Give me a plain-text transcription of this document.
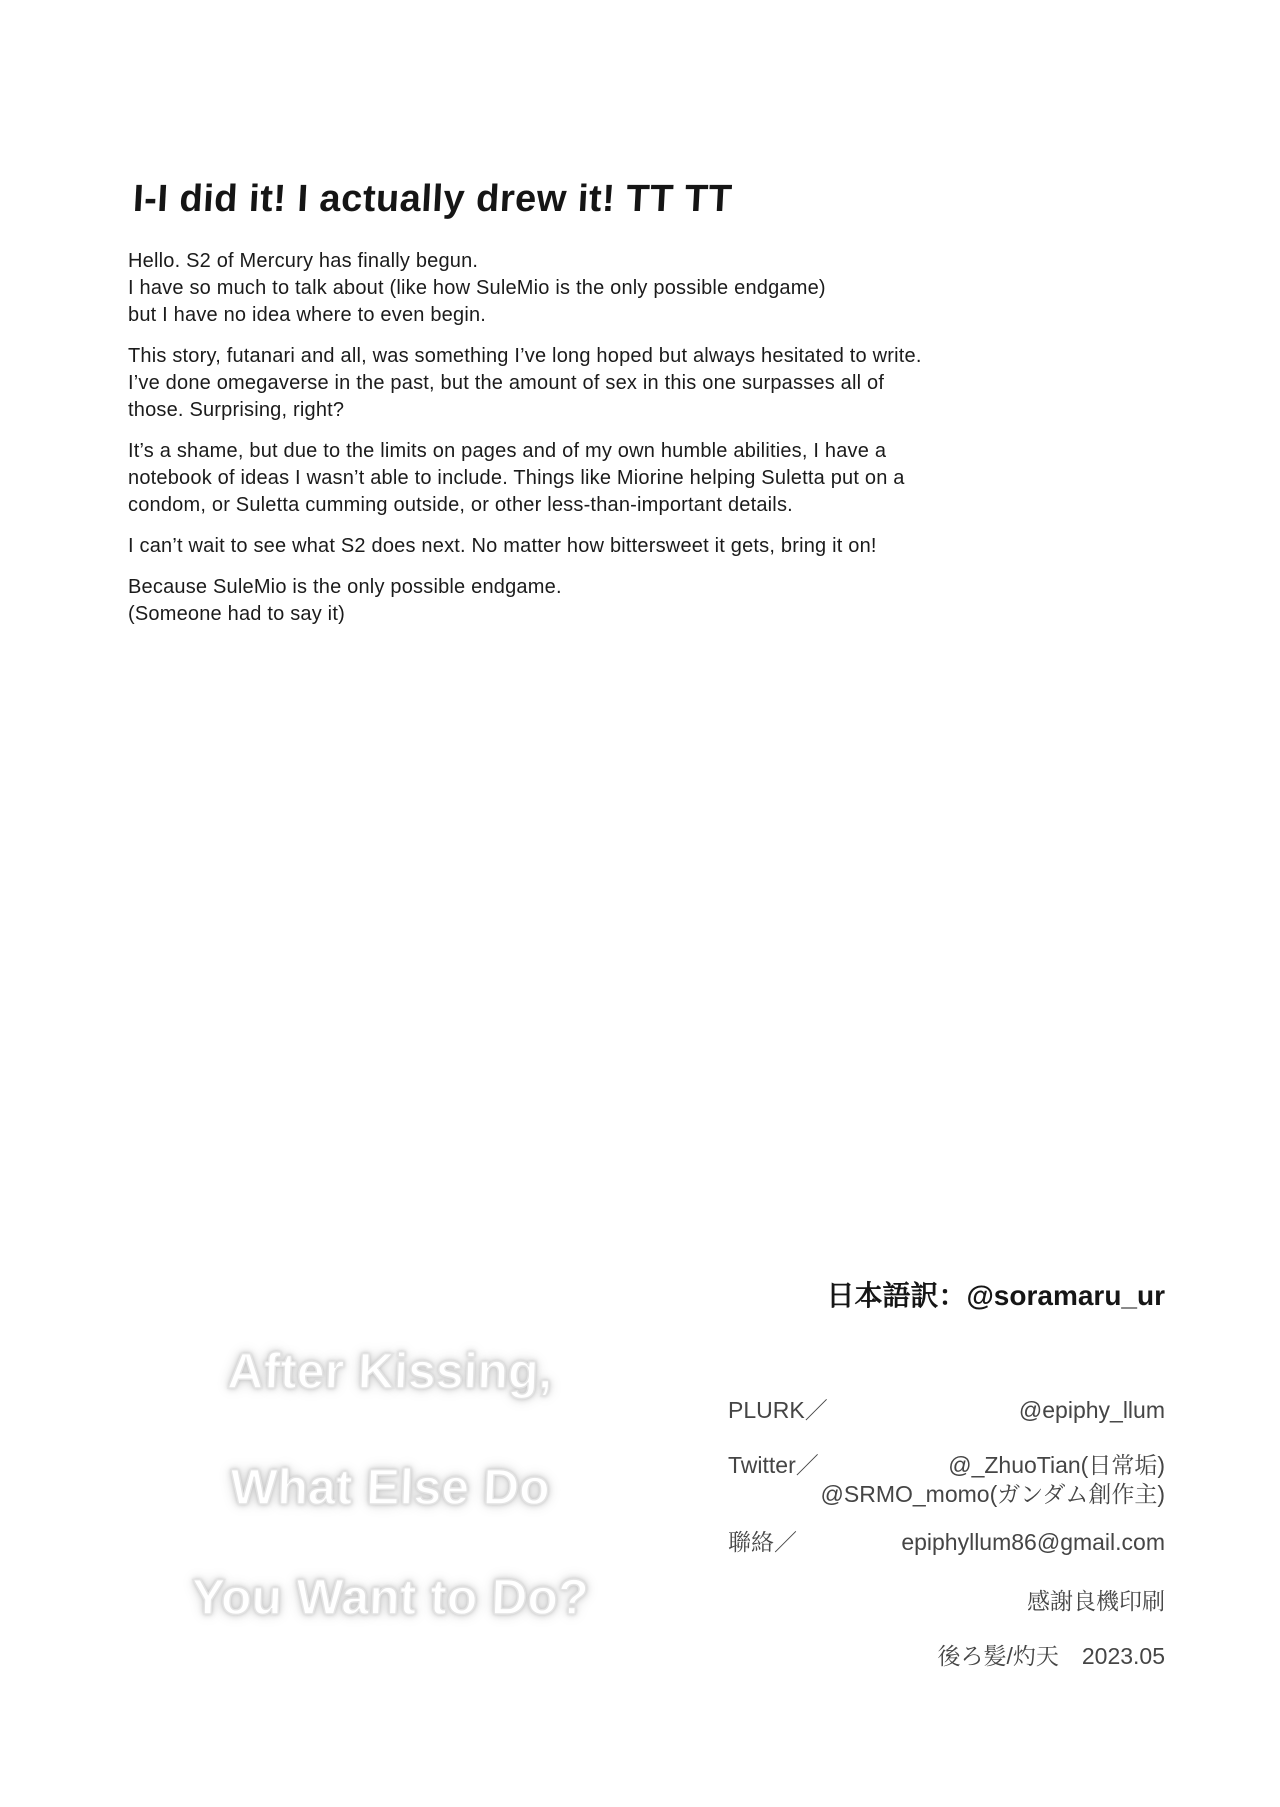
I-I did it! I actually drew it! TT TT

Hello. S2 of Mercury has finally begun.
I have so much to talk about (like how SuleMio is the only possible endgame)
but I have no idea where to even begin.

This story, futanari and all, was something I’ve long hoped but always hesitated to write.
I’ve done omegaverse in the past, but the amount of sex in this one surpasses all of
those. Surprising, right?

It’s a shame, but due to the limits on pages and of my own humble abilities, I have a
notebook of ideas I wasn’t able to include. Things like Miorine helping Suletta put on a
condom, or Suletta cumming outside, or other less-than-important details.

I can’t wait to see what S2 does next. No matter how bittersweet it gets, bring it on!

Because SuleMio is the only possible endgame.
(Someone had to say it)

日本語訳：@soramaru_ur
After Kissing,
What Else Do
You Want to Do?
PLURK／	@epiphy_llum
Twitter／	@_ZhuoTian(日常垢)
@SRMO_momo(ガンダム創作主)
聯絡／	epiphyllum86@gmail.com
感謝良機印刷
後ろ髪/灼天　2023.05
